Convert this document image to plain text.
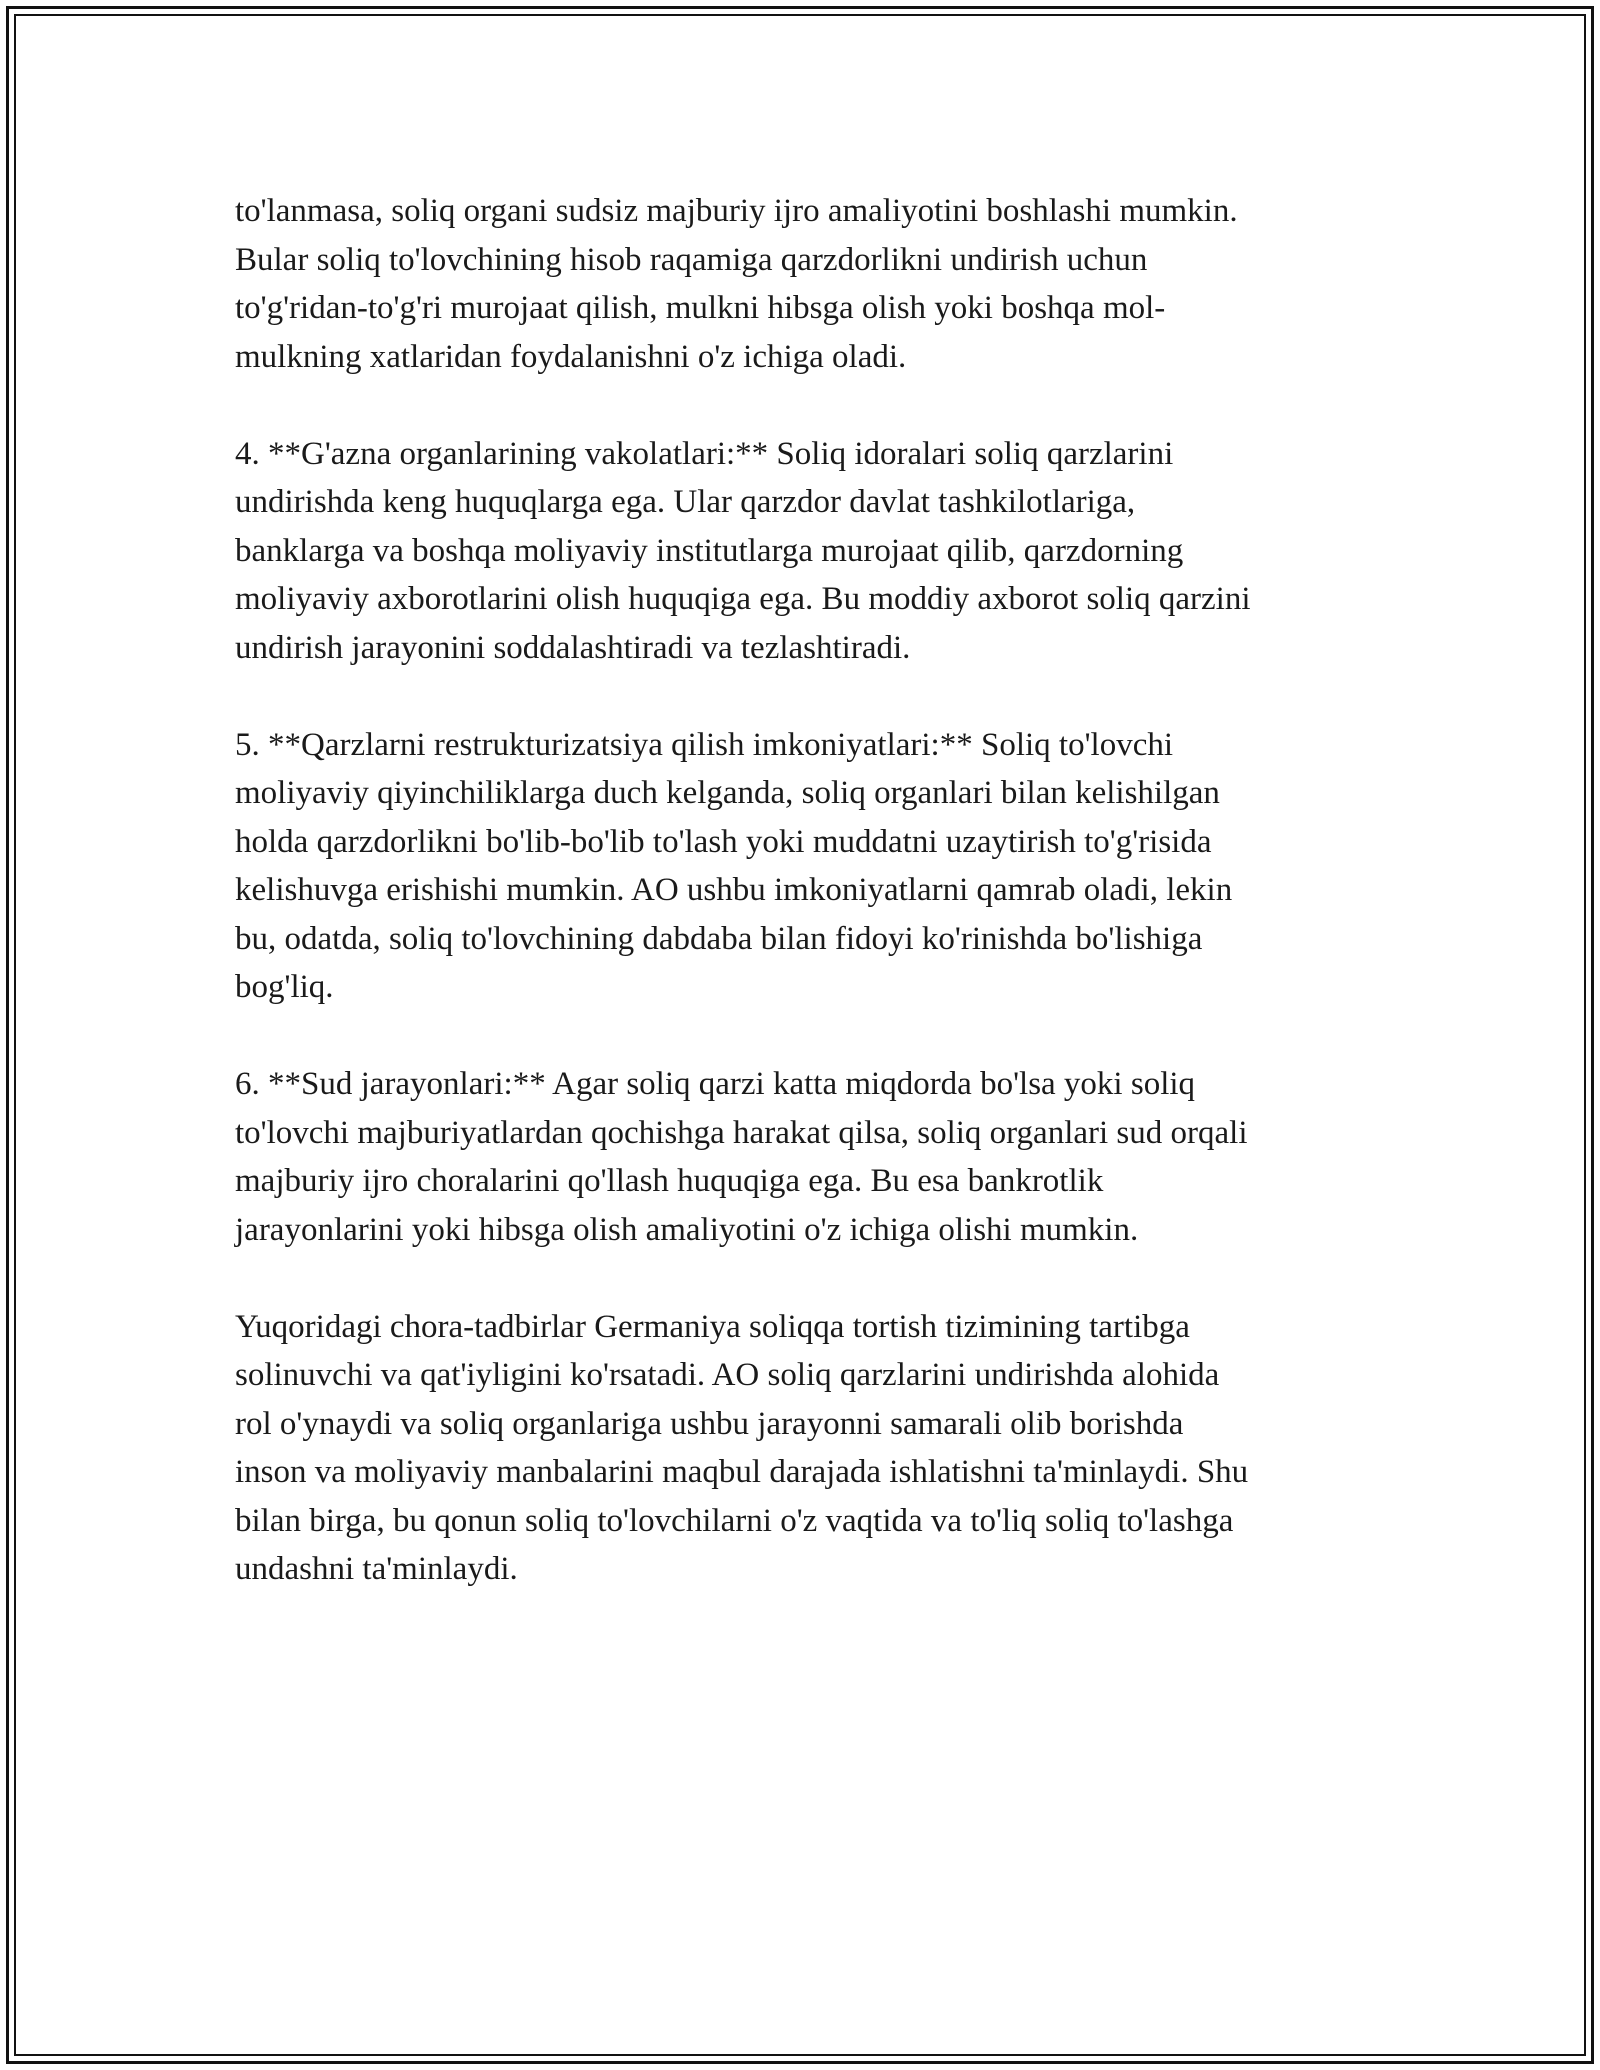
to'lanmasa, soliq organi sudsiz majburiy ijro amaliyotini boshlashi mumkin.
Bular soliq to'lovchining hisob raqamiga qarzdorlikni undirish uchun
to'g'ridan-to'g'ri murojaat qilish, mulkni hibsga olish yoki boshqa mol-
mulkning xatlaridan foydalanishni o'z ichiga oladi.

4. **G'azna organlarining vakolatlari:** Soliq idoralari soliq qarzlarini
undirishda keng huquqlarga ega. Ular qarzdor davlat tashkilotlariga,
banklarga va boshqa moliyaviy institutlarga murojaat qilib, qarzdorning
moliyaviy axborotlarini olish huquqiga ega. Bu moddiy axborot soliq qarzini
undirish jarayonini soddalashtiradi va tezlashtiradi.

5. **Qarzlarni restrukturizatsiya qilish imkoniyatlari:** Soliq to'lovchi
moliyaviy qiyinchiliklarga duch kelganda, soliq organlari bilan kelishilgan
holda qarzdorlikni bo'lib-bo'lib to'lash yoki muddatni uzaytirish to'g'risida
kelishuvga erishishi mumkin. AO ushbu imkoniyatlarni qamrab oladi, lekin
bu, odatda, soliq to'lovchining dabdaba bilan fidoyi ko'rinishda bo'lishiga
bog'liq.

6. **Sud jarayonlari:** Agar soliq qarzi katta miqdorda bo'lsa yoki soliq
to'lovchi majburiyatlardan qochishga harakat qilsa, soliq organlari sud orqali
majburiy ijro choralarini qo'llash huquqiga ega. Bu esa bankrotlik
jarayonlarini yoki hibsga olish amaliyotini o'z ichiga olishi mumkin.

Yuqoridagi chora-tadbirlar Germaniya soliqqa tortish tizimining tartibga
solinuvchi va qat'iyligini ko'rsatadi. AO soliq qarzlarini undirishda alohida
rol o'ynaydi va soliq organlariga ushbu jarayonni samarali olib borishda
inson va moliyaviy manbalarini maqbul darajada ishlatishni ta'minlaydi. Shu
bilan birga, bu qonun soliq to'lovchilarni o'z vaqtida va to'liq soliq to'lashga
undashni ta'minlaydi.
